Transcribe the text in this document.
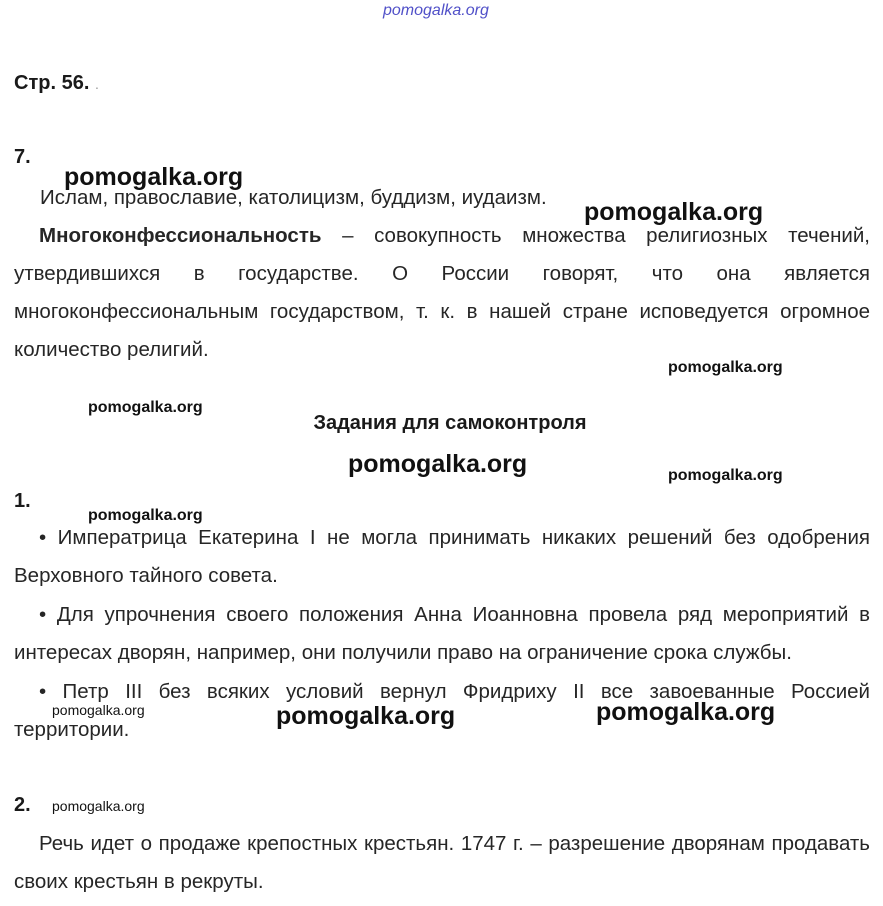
pomogalka.org
Стр. 56. .
7.
Ислам, православие, католицизм, буддизм, иудаизм.

Многоконфессиональность – совокупность множества религиозных течений, утвердившихся в государстве. О России говорят, что она является многоконфессиональным государством, т. к. в нашей стране исповедуется огромное количество религий.

Задания для самоконтроля
1.

• Императрица Екатерина I не могла принимать никаких решений без одобрения Верховного тайного совета.

• Для упрочнения своего положения Анна Иоанновна провела ряд мероприятий в интересах дворян, например, они получили право на ограничение срока службы.

• Петр III без всяких условий вернул Фридриху II все завоеванные Россией территории.

2.

Речь идет о продаже крепостных крестьян. 1747 г. – разрешение дворянам продавать своих крестьян в рекруты.

pomogalka.org
pomogalka.org
pomogalka.org
pomogalka.org
pomogalka.org	pomogalka.org
pomogalka.org
pomogalka.org	pomogalka.org	pomogalka.org
pomogalka.org
